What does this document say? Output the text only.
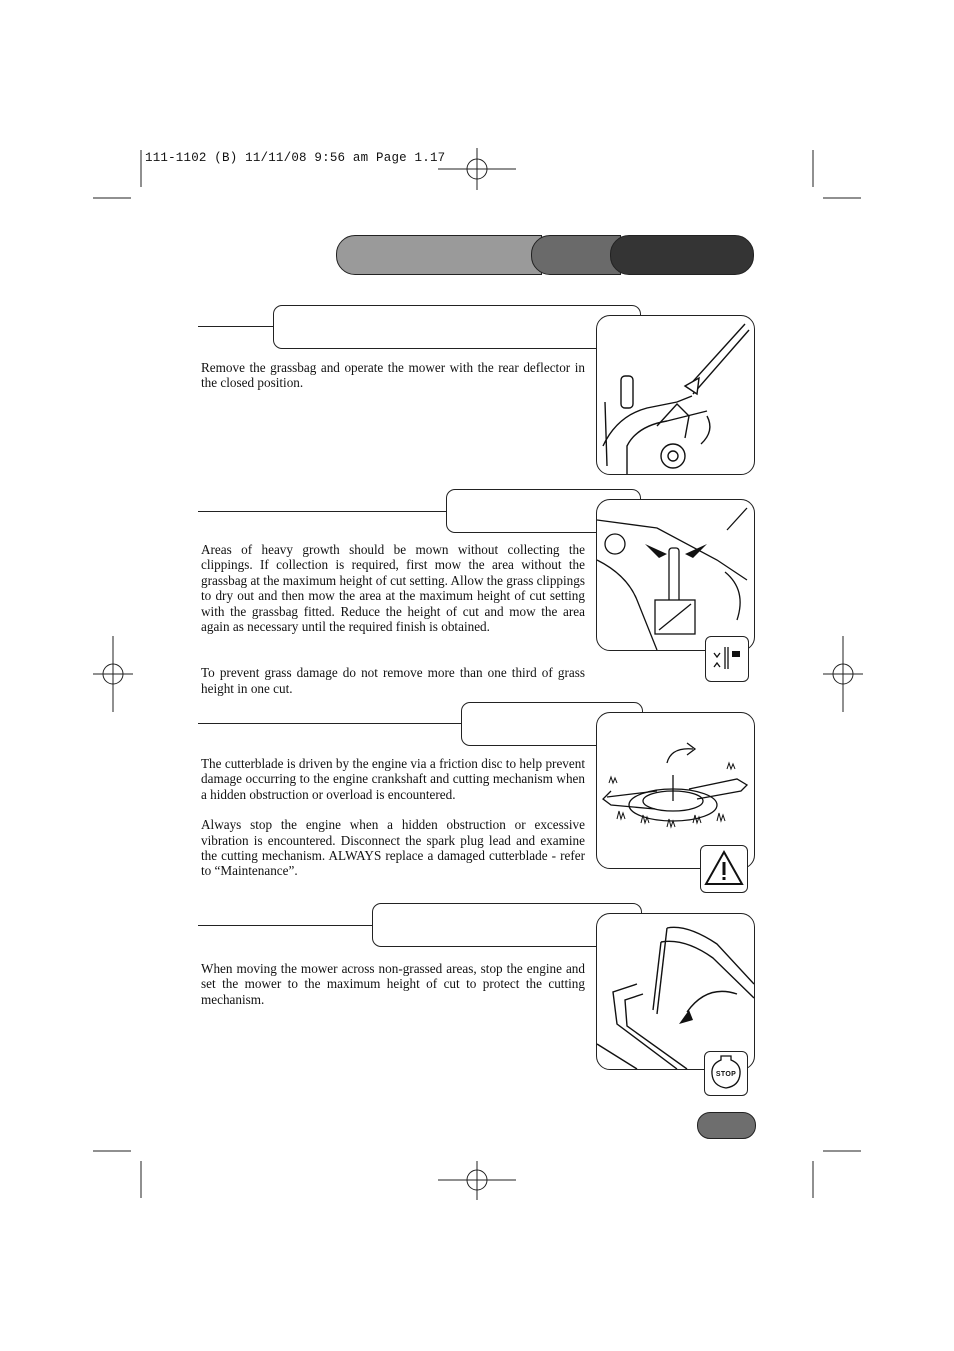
111-1102 (B) 11/11/08 9:56 am Page 1.17

Remove the grassbag and operate the mower with the rear deflector in the closed position.

Areas of heavy growth should be mown without collecting the clippings. If collection is required, first mow the area without the grassbag at the maximum height of cut setting. Allow the grass clippings to dry out and then mow the area at the maximum height of cut setting with the grassbag fitted. Reduce the height of cut and mow the area again as necessary until the required finish is obtained.

To prevent grass damage do not remove more than one third of grass height in one cut.

The cutterblade is driven by the engine via a friction disc to help prevent damage occurring to the engine crankshaft and cutting mechanism when a hidden obstruction or overload is encountered.

Always stop the engine when a hidden obstruction or excessive vibration is encountered. Disconnect the spark plug lead and examine the cutting mechanism. ALWAYS replace a damaged cutterblade - refer to “Maintenance”.

When moving the mower across non-grassed areas, stop the engine and set the mower to the maximum height of cut to protect the cutting mechanism.

STOP
